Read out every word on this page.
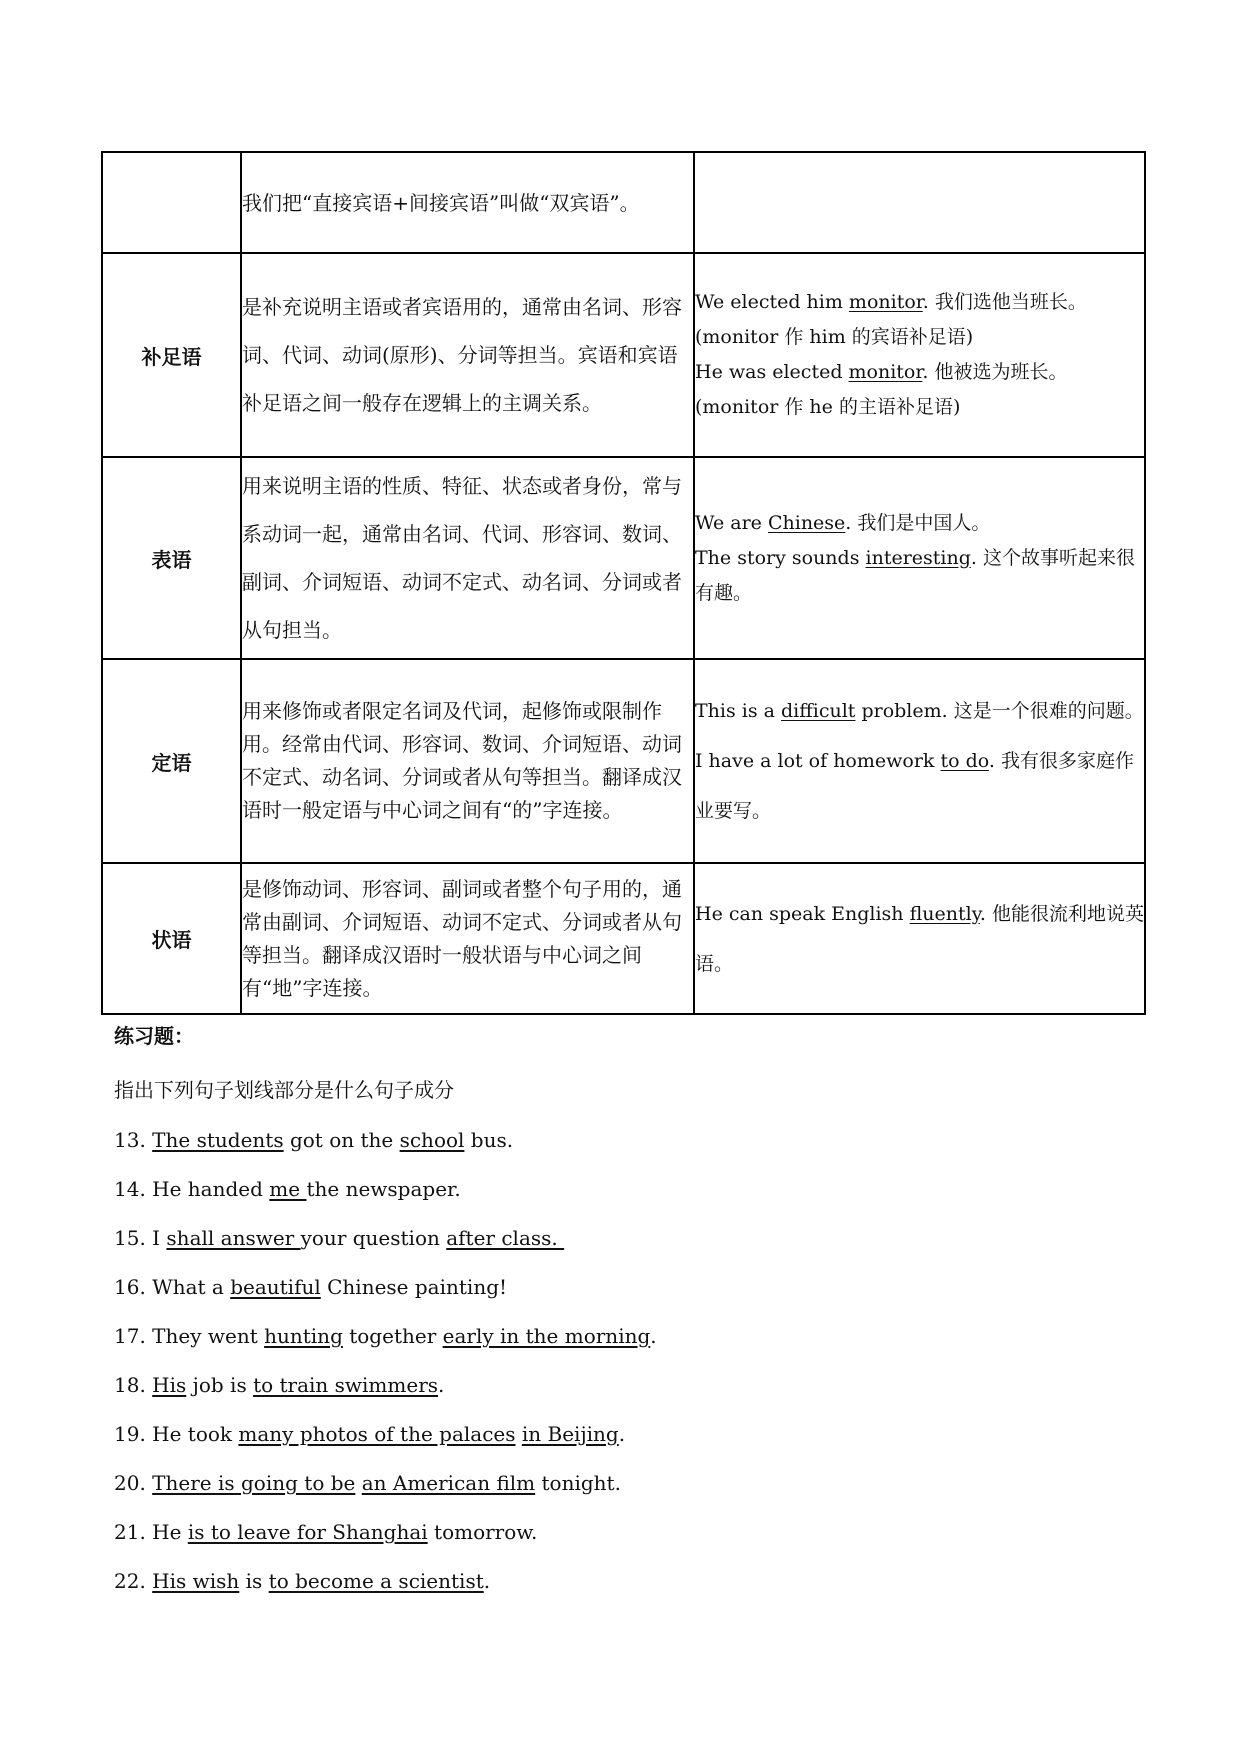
	我们把“直接宾语+间接宾语”叫做“双宾语”。	
补足语	是补充说明主语或者宾语用的，通常由名词、形容词、代词、动词(原形)、分词等担当。宾语和宾语补足语之间一般存在逻辑上的主调关系。	We elected him monitor. 我们选他当班长。
(monitor 作 him 的宾语补足语)
He was elected monitor. 他被选为班长。
(monitor 作 he 的主语补足语)

表语	用来说明主语的性质、特征、状态或者身份，常与系动词一起，通常由名词、代词、形容词、数词、副词、介词短语、动词不定式、动名词、分词或者从句担当。	We are Chinese. 我们是中国人。
The story sounds interesting. 这个故事听起来很有趣。

定语	用来修饰或者限定名词及代词，起修饰或限制作用。经常由代词、形容词、数词、介词短语、动词不定式、动名词、分词或者从句等担当。翻译成汉语时一般定语与中心词之间有“的”字连接。	This is a difficult problem. 这是一个很难的问题。
I have a lot of homework to do. 我有很多家庭作业要写。

状语	是修饰动词、形容词、副词或者整个句子用的，通常由副词、介词短语、动词不定式、分词或者从句等担当。翻译成汉语时一般状语与中心词之间有“地”字连接。	He can speak English fluently. 他能很流利地说英语。
练习题：
指出下列句子划线部分是什么句子成分
13. The students got on the school bus.
14. He handed me the newspaper.
15. I shall answer your question after class.
16. What a beautiful Chinese painting!
17. They went hunting together early in the morning.
18. His job is to train swimmers.
19. He took many photos of the palaces in Beijing.
20. There is going to be an American film tonight.
21. He is to leave for Shanghai tomorrow.
22. His wish is to become a scientist.
